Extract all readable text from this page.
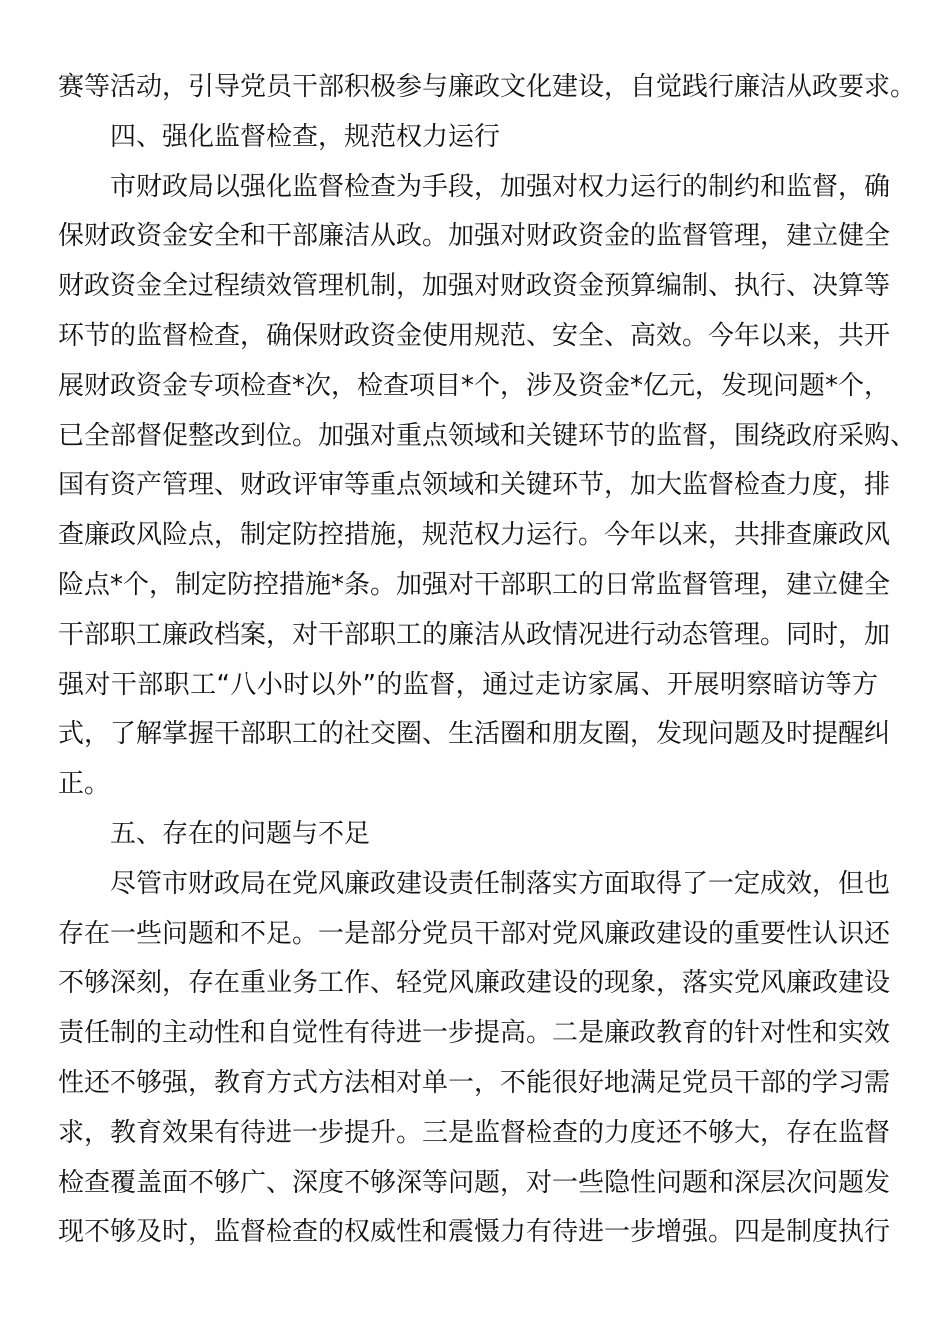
赛等活动，引导党员干部积极参与廉政文化建设，自觉践行廉洁从政要求。
四、强化监督检查，规范权力运行
市财政局以强化监督检查为手段，加强对权力运行的制约和监督，确
保财政资金安全和干部廉洁从政。加强对财政资金的监督管理，建立健全
财政资金全过程绩效管理机制，加强对财政资金预算编制、执行、决算等
环节的监督检查，确保财政资金使用规范、安全、高效。今年以来，共开
展财政资金专项检查*次，检查项目*个，涉及资金*亿元，发现问题*个，
已全部督促整改到位。加强对重点领域和关键环节的监督，围绕政府采购、
国有资产管理、财政评审等重点领域和关键环节，加大监督检查力度，排
查廉政风险点，制定防控措施，规范权力运行。今年以来，共排查廉政风
险点*个，制定防控措施*条。加强对干部职工的日常监督管理，建立健全
干部职工廉政档案，对干部职工的廉洁从政情况进行动态管理。同时，加
强对干部职工“八小时以外”的监督，通过走访家属、开展明察暗访等方
式，了解掌握干部职工的社交圈、生活圈和朋友圈，发现问题及时提醒纠
正。
五、存在的问题与不足
尽管市财政局在党风廉政建设责任制落实方面取得了一定成效，但也
存在一些问题和不足。一是部分党员干部对党风廉政建设的重要性认识还
不够深刻，存在重业务工作、轻党风廉政建设的现象，落实党风廉政建设
责任制的主动性和自觉性有待进一步提高。二是廉政教育的针对性和实效
性还不够强，教育方式方法相对单一，不能很好地满足党员干部的学习需
求，教育效果有待进一步提升。三是监督检查的力度还不够大，存在监督
检查覆盖面不够广、深度不够深等问题，对一些隐性问题和深层次问题发
现不够及时，监督检查的权威性和震慑力有待进一步增强。四是制度执行
